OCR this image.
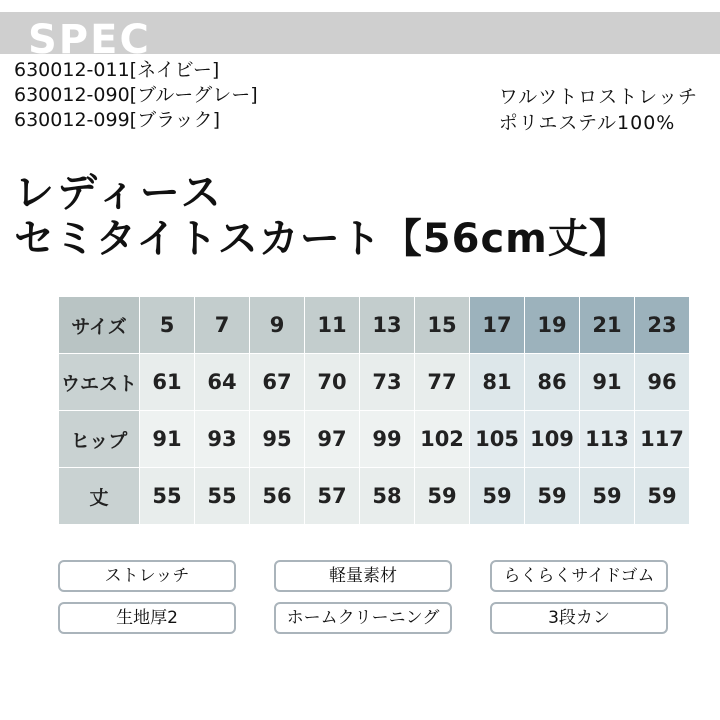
SPEC
630012-011[ネイビー]
630012-090[ブルーグレー]
630012-099[ブラック]
ワルツトロストレッチ
ポリエステル100%
レディース
セミタイトスカート【56cm丈】
サイズ	5	7	9	11	13	15	17	19	21	23
ウエスト	61	64	67	70	73	77	81	86	91	96
ヒップ	91	93	95	97	99	102	105	109	113	117
丈	55	55	56	57	58	59	59	59	59	59
ストレッチ	軽量素材	らくらくサイドゴム
生地厚2	ホームクリーニング	3段カン
